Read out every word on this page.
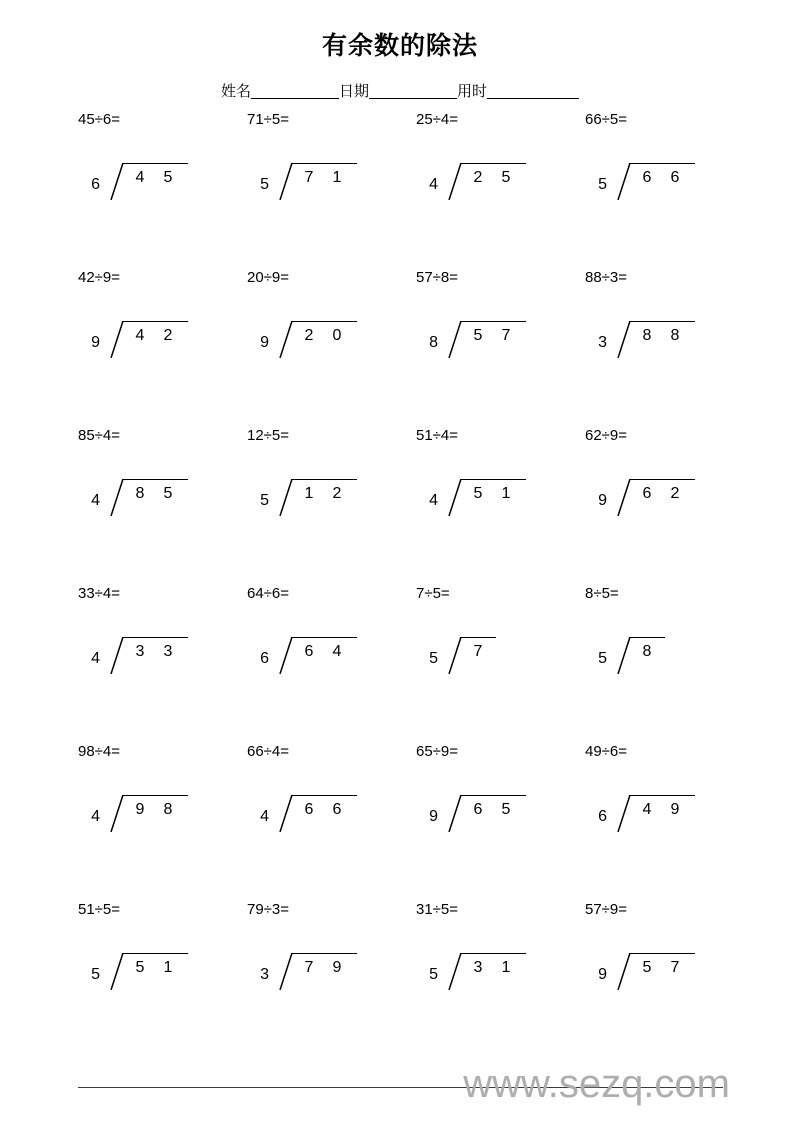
有余数的除法
姓名	日期	用时
45÷6=
6	4	5
71÷5=
5	7	1
25÷4=
4	2	5
66÷5=
5	6	6
42÷9=
9	4	2
20÷9=
9	2	0
57÷8=
8	5	7
88÷3=
3	8	8
85÷4=
4	8	5
12÷5=
5	1	2
51÷4=
4	5	1
62÷9=
9	6	2
33÷4=
4	3	3
64÷6=
6	6	4
7÷5=
5	7
8÷5=
5	8
98÷4=
4	9	8
66÷4=
4	6	6
65÷9=
9	6	5
49÷6=
6	4	9
51÷5=
5	5	1
79÷3=
3	7	9
31÷5=
5	3	1
57÷9=
9	5	7
www.sezq.com
